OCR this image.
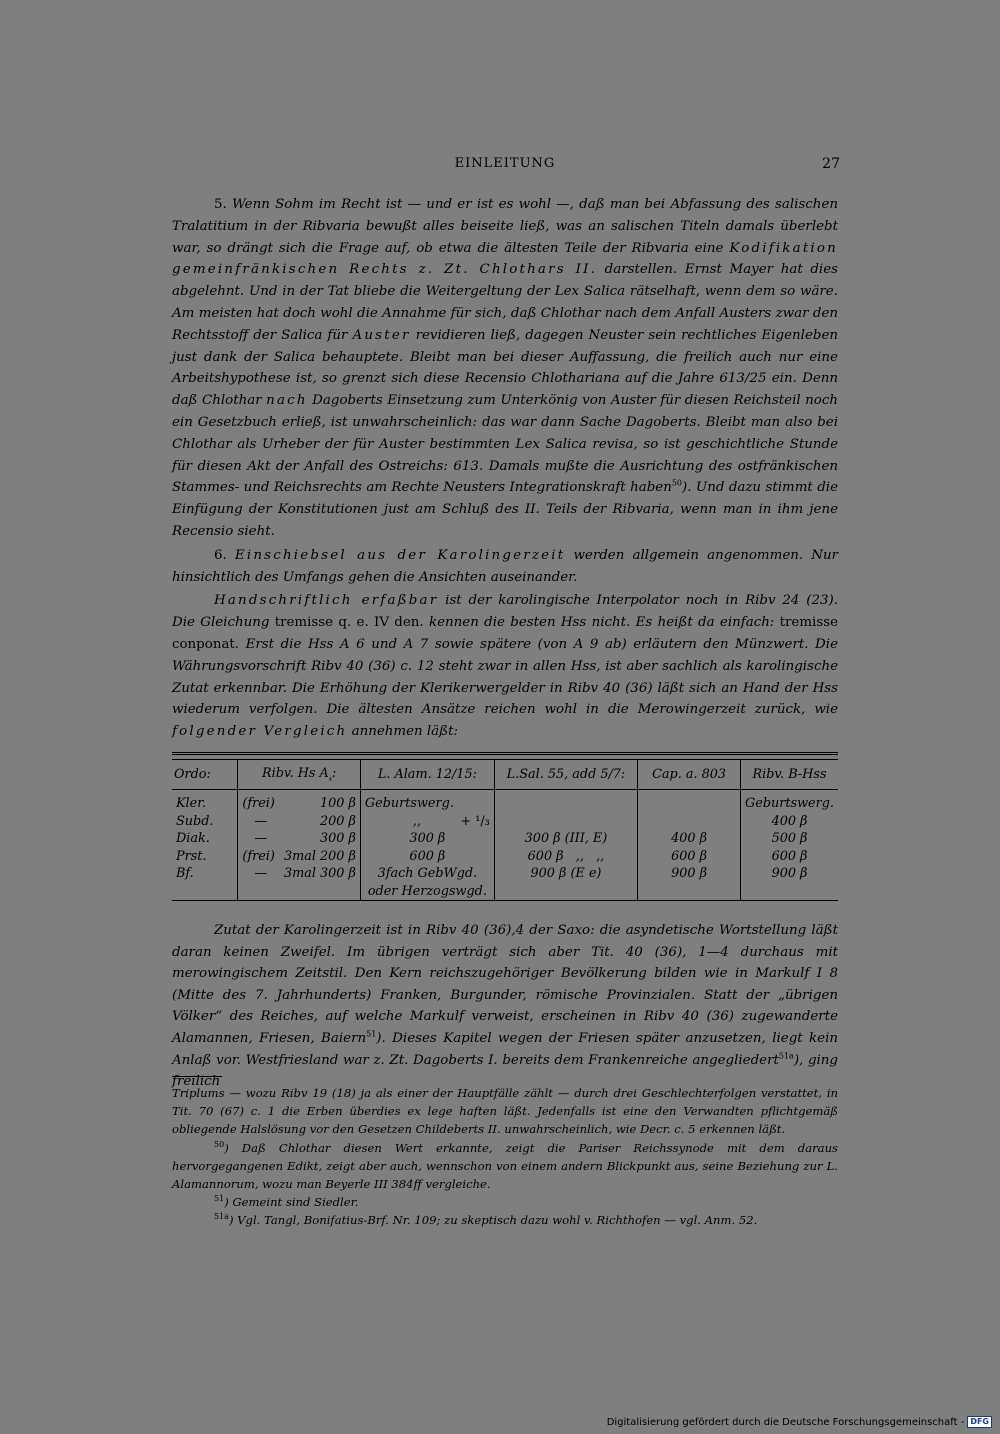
EINLEITUNG	27

5. Wenn Sohm im Recht ist — und er ist es wohl —, daß man bei Abfassung des salischen Tralatitium in der Ribvaria bewußt alles beiseite ließ, was an salischen Titeln damals überlebt war, so drängt sich die Frage auf, ob etwa die ältesten Teile der Ribvaria eine Kodifikation gemeinfränkischen Rechts z. Zt. Chlothars II. darstellen. Ernst Mayer hat dies abgelehnt. Und in der Tat bliebe die Weitergeltung der Lex Salica rätselhaft, wenn dem so wäre. Am meisten hat doch wohl die Annahme für sich, daß Chlothar nach dem Anfall Austers zwar den Rechtsstoff der Salica für Auster revidieren ließ, dagegen Neuster sein rechtliches Eigenleben just dank der Salica behauptete. Bleibt man bei dieser Auffassung, die freilich auch nur eine Arbeitshypothese ist, so grenzt sich diese Recensio Chlothariana auf die Jahre 613/25 ein. Denn daß Chlothar nach Dagoberts Einsetzung zum Unterkönig von Auster für diesen Reichsteil noch ein Gesetzbuch erließ, ist unwahrscheinlich: das war dann Sache Dagoberts. Bleibt man also bei Chlothar als Urheber der für Auster bestimmten Lex Salica revisa, so ist geschichtliche Stunde für diesen Akt der Anfall des Ostreichs: 613. Damals mußte die Ausrichtung des ostfränkischen Stammes- und Reichsrechts am Rechte Neusters Integrationskraft haben$^{50}$). Und dazu stimmt die Einfügung der Konstitutionen just am Schluß des II. Teils der Ribvaria, wenn man in ihm jene Recensio sieht.

6. Einschiebsel aus der Karolingerzeit werden allgemein angenommen. Nur hinsichtlich des Umfangs gehen die Ansichten auseinander.

Handschriftlich erfaßbar ist der karolingische Interpolator noch in Ribv 24 (23). Die Gleichung tremisse q. e. IV den. kennen die besten Hss nicht. Es heißt da einfach: tremisse conponat. Erst die Hss A 6 und A 7 sowie spätere (von A 9 ab) erläutern den Münzwert. Die Währungsvorschrift Ribv 40 (36) c. 12 steht zwar in allen Hss, ist aber sachlich als karolingische Zutat erkennbar. Die Erhöhung der Klerikerwergelder in Ribv 40 (36) läßt sich an Hand der Hss wiederum verfolgen. Die ältesten Ansätze reichen wohl in die Merowingerzeit zurück, wie folgender Vergleich annehmen läßt:

Ordo:	Ribv. Hs $A_{_4}$:	L. Alam. 12/15:	L.Sal. 55, add 5/7:	Cap. a. 803	Ribv. B-Hss

Kler.	(frei) 100 β	Geburtswerg.			Geburtswerg.
Subd.	— 200 β	,, + ¹/₃			400 β
Diak.	— 300 β	300 β	300 β (III, E)	400 β	500 β
Prst.	(frei) 3mal 200 β	600 β	600 β   ,,   ,,	600 β	600 β
Bf.	— 3mal 300 β	3fach GebWgd. oder Herzogswgd.	900 β (E e)	900 β	900 β

Zutat der Karolingerzeit ist in Ribv 40 (36),4 der Saxo: die asyndetische Wortstellung läßt daran keinen Zweifel. Im übrigen verträgt sich aber Tit. 40 (36), 1—4 durchaus mit merowingischem Zeitstil. Den Kern reichszugehöriger Bevölkerung bilden wie in Markulf I 8 (Mitte des 7. Jahrhunderts) Franken, Burgunder, römische Provinzialen. Statt der „übrigen Völker“ des Reiches, auf welche Markulf verweist, erscheinen in Ribv 40 (36) zugewanderte Alamannen, Friesen, Baiern$^{51}$). Dieses Kapitel wegen der Friesen später anzusetzen, liegt kein Anlaß vor. Westfriesland war z. Zt. Dagoberts I. bereits dem Frankenreiche angegliedert$^{51a}$), ging freilich

Triplums — wozu Ribv 19 (18) ja als einer der Hauptfälle zählt — durch drei Geschlechterfolgen verstattet, in Tit. 70 (67) c. 1 die Erben überdies ex lege haften läßt. Jedenfalls ist eine den Verwandten pflichtgemäß obliegende Halslösung vor den Gesetzen Childeberts II. unwahrscheinlich, wie Decr. c. 5 erkennen läßt.

$^{50}$) Daß Chlothar diesen Wert erkannte, zeigt die Pariser Reichssynode mit dem daraus hervorgegangenen Edikt, zeigt aber auch, wennschon von einem andern Blickpunkt aus, seine Beziehung zur L. Alamannorum, wozu man Beyerle III 384ff vergleiche.

$^{51}$) Gemeint sind Siedler.

$^{51a}$) Vgl. Tangl, Bonifatius-Brf. Nr. 109; zu skeptisch dazu wohl v. Richthofen — vgl. Anm. 52.

Digitalisierung gefördert durch die Deutsche Forschungsgemeinschaft - DFG
